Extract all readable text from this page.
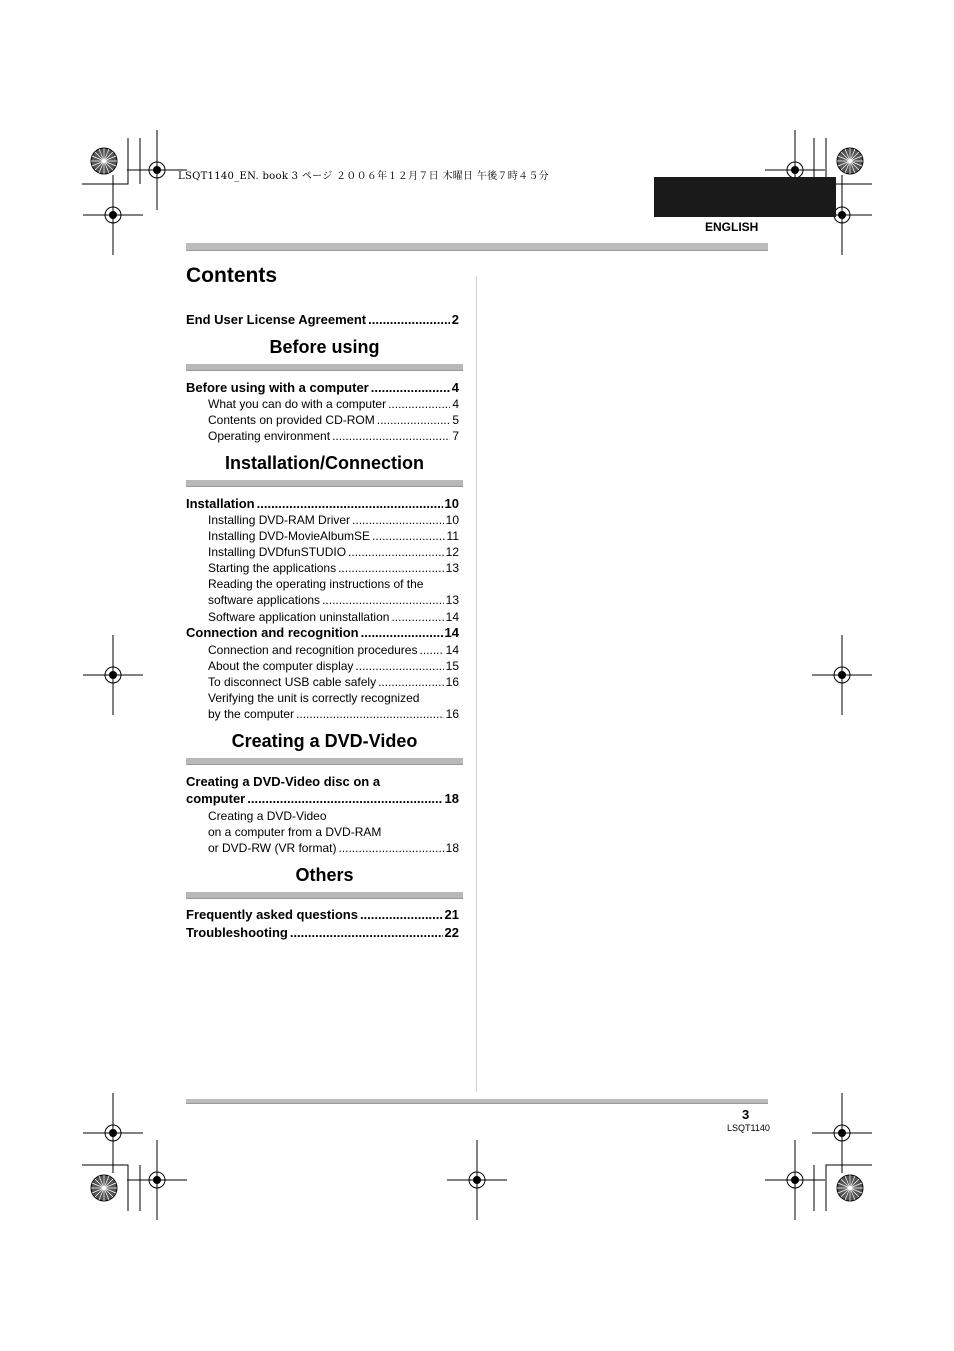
LSQT1140_EN. book 3 ページ ２００６年１２月７日 木曜日 午後７時４５分
ENGLISH
Contents
End User License Agreement .....	2
Before using
Before using with a computer .....	4
What you can do with a computer .....	4
Contents on provided CD-ROM .....	5
Operating environment .....	7
Installation/Connection
Installation .....	10
Installing DVD-RAM Driver .....	10
Installing DVD-MovieAlbumSE .....	11
Installing DVDfunSTUDIO .....	12
Starting the applications .....	13
Reading the operating instructions of the
software applications .....	13
Software application uninstallation .....	14
Connection and recognition .....	14
Connection and recognition procedures ..... 14
About the computer display .....	15
To disconnect USB cable safely .....	16
Verifying the unit is correctly recognized
by the computer .....	16
Creating a DVD-Video
Creating a DVD-Video disc on a
computer .....	18
Creating a DVD-Video
on a computer from a DVD-RAM
or DVD-RW (VR format) .....	18
Others
Frequently asked questions .....	21
Troubleshooting .....	22
3
LSQT1140
